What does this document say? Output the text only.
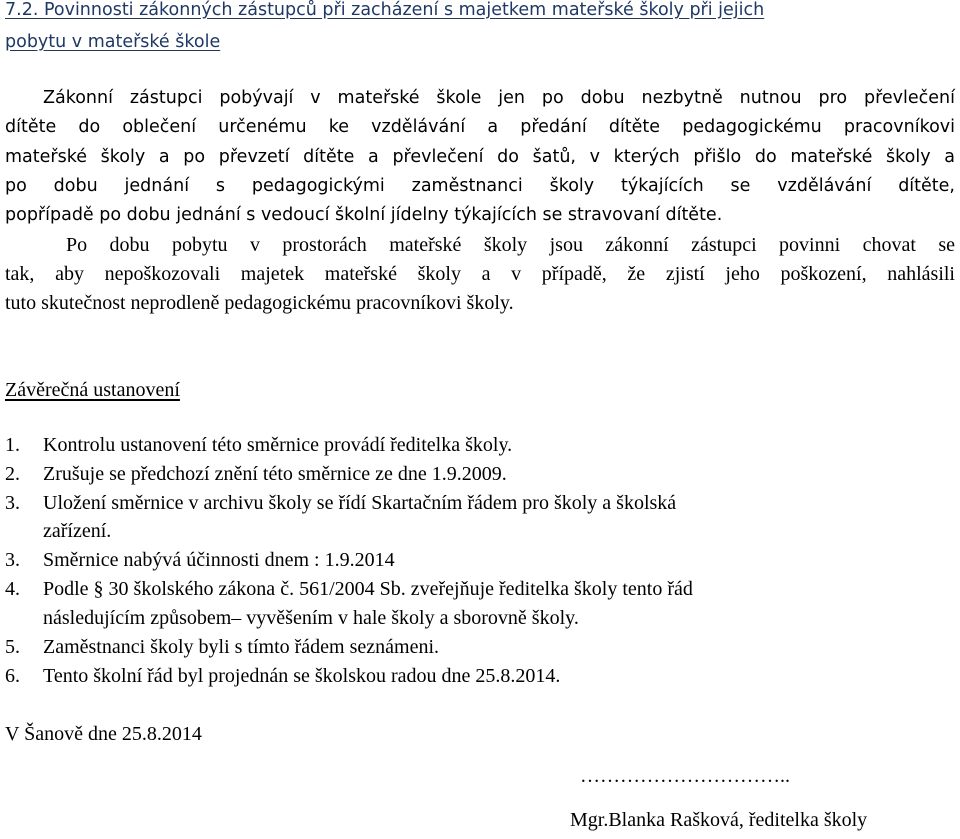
7.2. Povinnosti zákonných zástupců při zacházení s majetkem mateřské školy při jejich
pobytu v mateřské škole
Zákonní zástupci pobývají v mateřské škole jen po dobu nezbytně nutnou pro převlečení
dítěte do oblečení určenému ke vzdělávání a předání dítěte pedagogickému pracovníkovi
mateřské školy a po převzetí dítěte a převlečení do šatů, v kterých přišlo do mateřské školy a
po dobu jednání s pedagogickými zaměstnanci školy týkajících se vzdělávání dítěte,
popřípadě po dobu jednání s vedoucí školní jídelny týkajících se stravovaní dítěte.
Po dobu pobytu v prostorách mateřské školy jsou zákonní zástupci povinni chovat se
tak, aby nepoškozovali majetek mateřské školy a v případě, že zjistí jeho poškození, nahlásili
tuto skutečnost neprodleně pedagogickému pracovníkovi školy.
Závěrečná ustanovení
1. Kontrolu ustanovení této směrnice provádí ředitelka školy.
2. Zrušuje se předchozí znění této směrnice ze dne 1.9.2009.
3. Uložení směrnice v archivu školy se řídí Skartačním řádem pro školy a školská
zařízení.
3. Směrnice nabývá účinnosti dnem : 1.9.2014
4. Podle § 30 školského zákona č. 561/2004 Sb. zveřejňuje ředitelka školy tento řád
následujícím způsobem– vyvěšením v hale školy a sborovně školy.
5. Zaměstnanci školy byli s tímto řádem seznámeni.
6. Tento školní řád byl projednán se školskou radou dne 25.8.2014.
V Šanově dne 25.8.2014
…………………………..
Mgr.Blanka Rašková, ředitelka školy
